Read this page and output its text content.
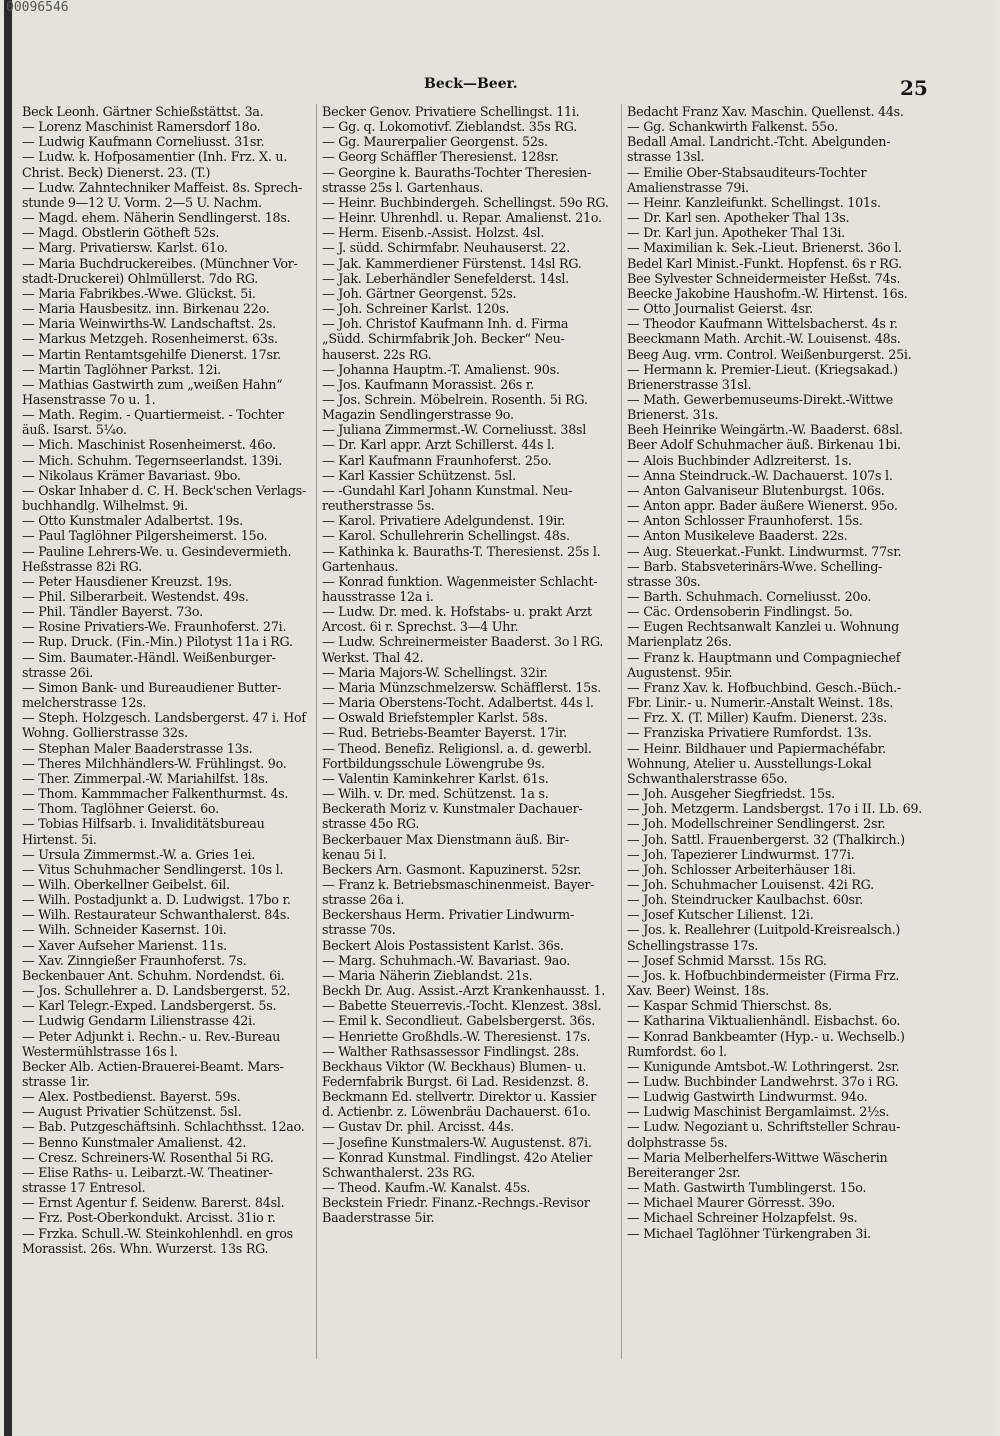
00096546
Beck—Beer.	25
Beck Leonh. Gärtner Schießstättst. 3a.
— Lorenz Maschinist Ramersdorf 18o.
— Ludwig Kaufmann Corneliusst. 31sr.
— Ludw. k. Hofposamentier (Inh. Frz. X. u.
Christ. Beck) Dienerst. 23. (T.)
— Ludw. Zahntechniker Maffeist. 8s. Sprech-
stunde 9—12 U. Vorm. 2—5 U. Nachm.
— Magd. ehem. Näherin Sendlingerst. 18s.
— Magd. Obstlerin Götheft 52s.
— Marg. Privatiersw. Karlst. 61o.
— Maria Buchdruckereibes. (Münchner Vor-
stadt-Druckerei) Ohlmüllerst. 7do RG.
— Maria Fabrikbes.-Wwe. Glückst. 5i.
— Maria Hausbesitz. inn. Birkenau 22o.
— Maria Weinwirths-W. Landschaftst. 2s.
— Markus Metzgeh. Rosenheimerst. 63s.
— Martin Rentamtsgehilfe Dienerst. 17sr.
— Martin Taglöhner Parkst. 12i.
— Mathias Gastwirth zum „weißen Hahn“
Hasenstrasse 7o u. 1.
— Math. Regim. - Quartiermeist. - Tochter
äuß. Isarst. 5¼o.
— Mich. Maschinist Rosenheimerst. 46o.
— Mich. Schuhm. Tegernseerlandst. 139i.
— Nikolaus Krämer Bavariast. 9bo.
— Oskar Inhaber d. C. H. Beck'schen Verlags-
buchhandlg. Wilhelmst. 9i.
— Otto Kunstmaler Adalbertst. 19s.
— Paul Taglöhner Pilgersheimerst. 15o.
— Pauline Lehrers-We. u. Gesindevermieth.
Heßstrasse 82i RG.
— Peter Hausdiener Kreuzst. 19s.
— Phil. Silberarbeit. Westendst. 49s.
— Phil. Tändler Bayerst. 73o.
— Rosine Privatiers-We. Fraunhoferst. 27i.
— Rup. Druck. (Fin.-Min.) Pilotyst 11a i RG.
— Sim. Baumater.-Händl. Weißenburger-
strasse 26i.
— Simon Bank- und Bureaudiener Butter-
melcherstrasse 12s.
— Steph. Holzgesch. Landsbergerst. 47 i. Hof
Wohng. Gollierstrasse 32s.
— Stephan Maler Baaderstrasse 13s.
— Theres Milchhändlers-W. Frühlingst. 9o.
— Ther. Zimmerpal.-W. Mariahilfst. 18s.
— Thom. Kammmacher Falkenthurmst. 4s.
— Thom. Taglöhner Geierst. 6o.
— Tobias Hilfsarb. i. Invaliditätsbureau
Hirtenst. 5i.
— Ursula Zimmermst.-W. a. Gries 1ei.
— Vitus Schuhmacher Sendlingerst. 10s l.
— Wilh. Oberkellner Geibelst. 6il.
— Wilh. Postadjunkt a. D. Ludwigst. 17bo r.
— Wilh. Restaurateur Schwanthalerst. 84s.
— Wilh. Schneider Kasernst. 10i.
— Xaver Aufseher Marienst. 11s.
— Xav. Zinngießer Fraunhoferst. 7s.
Beckenbauer Ant. Schuhm. Nordendst. 6i.
— Jos. Schullehrer a. D. Landsbergerst. 52.
— Karl Telegr.-Exped. Landsbergerst. 5s.
— Ludwig Gendarm Lilienstrasse 42i.
— Peter Adjunkt i. Rechn.- u. Rev.-Bureau
Westermühlstrasse 16s l.
Becker Alb. Actien-Brauerei-Beamt. Mars-
strasse 1ir.
— Alex. Postbedienst. Bayerst. 59s.
— August Privatier Schützenst. 5sl.
— Bab. Putzgeschäftsinh. Schlachthsst. 12ao.
— Benno Kunstmaler Amalienst. 42.
— Cresz. Schreiners-W. Rosenthal 5i RG.
— Elise Raths- u. Leibarzt.-W. Theatiner-
strasse 17 Entresol.
— Ernst Agentur f. Seidenw. Barerst. 84sl.
— Frz. Post-Oberkondukt. Arcisst. 31io r.
— Frzka. Schull.-W. Steinkohlenhdl. en gros
Morassist. 26s. Whn. Wurzerst. 13s RG.
Becker Genov. Privatiere Schellingst. 11i.
— Gg. q. Lokomotivf. Zieblandst. 35s RG.
— Gg. Maurerpalier Georgenst. 52s.
— Georg Schäffler Theresienst. 128sr.
— Georgine k. Bauraths-Tochter Theresien-
strasse 25s l. Gartenhaus.
— Heinr. Buchbindergeh. Schellingst. 59o RG.
— Heinr. Uhrenhdl. u. Repar. Amalienst. 21o.
— Herm. Eisenb.-Assist. Holzst. 4sl.
— J. südd. Schirmfabr. Neuhauserst. 22.
— Jak. Kammerdiener Fürstenst. 14sl RG.
— Jak. Leberhändler Senefelderst. 14sl.
— Joh. Gärtner Georgenst. 52s.
— Joh. Schreiner Karlst. 120s.
— Joh. Christof Kaufmann Inh. d. Firma
„Südd. Schirmfabrik Joh. Becker“ Neu-
hauserst. 22s RG.
— Johanna Hauptm.-T. Amalienst. 90s.
— Jos. Kaufmann Morassist. 26s r.
— Jos. Schrein. Möbelrein. Rosenth. 5i RG.
Magazin Sendlingerstrasse 9o.
— Juliana Zimmermst.-W. Corneliusst. 38sl
— Dr. Karl appr. Arzt Schillerst. 44s l.
— Karl Kaufmann Fraunhoferst. 25o.
— Karl Kassier Schützenst. 5sl.
— -Gundahl Karl Johann Kunstmal. Neu-
reutherstrasse 5s.
— Karol. Privatiere Adelgundenst. 19ir.
— Karol. Schullehrerin Schellingst. 48s.
— Kathinka k. Bauraths-T. Theresienst. 25s l.
Gartenhaus.
— Konrad funktion. Wagenmeister Schlacht-
hausstrasse 12a i.
— Ludw. Dr. med. k. Hofstabs- u. prakt Arzt
Arcost. 6i r. Sprechst. 3—4 Uhr.
— Ludw. Schreinermeister Baaderst. 3o l RG.
Werkst. Thal 42.
— Maria Majors-W. Schellingst. 32ir.
— Maria Münzschmelzersw. Schäfflerst. 15s.
— Maria Oberstens-Tocht. Adalbertst. 44s l.
— Oswald Briefstempler Karlst. 58s.
— Rud. Betriebs-Beamter Bayerst. 17ir.
— Theod. Benefiz. Religionsl. a. d. gewerbl.
Fortbildungsschule Löwengrube 9s.
— Valentin Kaminkehrer Karlst. 61s.
— Wilh. v. Dr. med. Schützenst. 1a s.
Beckerath Moriz v. Kunstmaler Dachauer-
strasse 45o RG.
Beckerbauer Max Dienstmann äuß. Bir-
kenau 5i l.
Beckers Arn. Gasmont. Kapuzinerst. 52sr.
— Franz k. Betriebsmaschinenmeist. Bayer-
strasse 26a i.
Beckershaus Herm. Privatier Lindwurm-
strasse 70s.
Beckert Alois Postassistent Karlst. 36s.
— Marg. Schuhmach.-W. Bavariast. 9ao.
— Maria Näherin Zieblandst. 21s.
Beckh Dr. Aug. Assist.-Arzt Krankenhausst. 1.
— Babette Steuerrevis.-Tocht. Klenzest. 38sl.
— Emil k. Secondlieut. Gabelsbergerst. 36s.
— Henriette Großhdls.-W. Theresienst. 17s.
— Walther Rathsassessor Findlingst. 28s.
Beckhaus Viktor (W. Beckhaus) Blumen- u.
Federnfabrik Burgst. 6i Lad. Residenzst. 8.
Beckmann Ed. stellvertr. Direktor u. Kassier
d. Actienbr. z. Löwenbräu Dachauerst. 61o.
— Gustav Dr. phil. Arcisst. 44s.
— Josefine Kunstmalers-W. Augustenst. 87i.
— Konrad Kunstmal. Findlingst. 42o Atelier
Schwanthalerst. 23s RG.
— Theod. Kaufm.-W. Kanalst. 45s.
Beckstein Friedr. Finanz.-Rechngs.-Revisor
Baaderstrasse 5ir.
Bedacht Franz Xav. Maschin. Quellenst. 44s.
— Gg. Schankwirth Falkenst. 55o.
Bedall Amal. Landricht.-Tcht. Abelgunden-
strasse 13sl.
— Emilie Ober-Stabsauditeurs-Tochter
Amalienstrasse 79i.
— Heinr. Kanzleifunkt. Schellingst. 101s.
— Dr. Karl sen. Apotheker Thal 13s.
— Dr. Karl jun. Apotheker Thal 13i.
— Maximilian k. Sek.-Lieut. Brienerst. 36o l.
Bedel Karl Minist.-Funkt. Hopfenst. 6s r RG.
Bee Sylvester Schneidermeister Heßst. 74s.
Beecke Jakobine Haushofm.-W. Hirtenst. 16s.
— Otto Journalist Geierst. 4sr.
— Theodor Kaufmann Wittelsbacherst. 4s r.
Beeckmann Math. Archit.-W. Louisenst. 48s.
Beeg Aug. vrm. Control. Weißenburgerst. 25i.
— Hermann k. Premier-Lieut. (Kriegsakad.)
Brienerstrasse 31sl.
— Math. Gewerbemuseums-Direkt.-Wittwe
Brienerst. 31s.
Beeh Heinrike Weingärtn.-W. Baaderst. 68sl.
Beer Adolf Schuhmacher äuß. Birkenau 1bi.
— Alois Buchbinder Adlzreiterst. 1s.
— Anna Steindruck.-W. Dachauerst. 107s l.
— Anton Galvaniseur Blutenburgst. 106s.
— Anton appr. Bader äußere Wienerst. 95o.
— Anton Schlosser Fraunhoferst. 15s.
— Anton Musikeleve Baaderst. 22s.
— Aug. Steuerkat.-Funkt. Lindwurmst. 77sr.
— Barb. Stabsveterinärs-Wwe. Schelling-
strasse 30s.
— Barth. Schuhmach. Corneliusst. 20o.
— Cäc. Ordensoberin Findlingst. 5o.
— Eugen Rechtsanwalt Kanzlei u. Wohnung
Marienplatz 26s.
— Franz k. Hauptmann und Compagniechef
Augustenst. 95ir.
— Franz Xav. k. Hofbuchbind. Gesch.-Büch.-
Fbr. Linir.- u. Numerir.-Anstalt Weinst. 18s.
— Frz. X. (T. Miller) Kaufm. Dienerst. 23s.
— Franziska Privatiere Rumfordst. 13s.
— Heinr. Bildhauer und Papiermachéfabr.
Wohnung, Atelier u. Ausstellungs-Lokal
Schwanthalerstrasse 65o.
— Joh. Ausgeher Siegfriedst. 15s.
— Joh. Metzgerm. Landsbergst. 17o i II. Lb. 69.
— Joh. Modellschreiner Sendlingerst. 2sr.
— Joh. Sattl. Frauenbergerst. 32 (Thalkirch.)
— Joh. Tapezierer Lindwurmst. 177i.
— Joh. Schlosser Arbeiterhäuser 18i.
— Joh. Schuhmacher Louisenst. 42i RG.
— Joh. Steindrucker Kaulbachst. 60sr.
— Josef Kutscher Lilienst. 12i.
— Jos. k. Reallehrer (Luitpold-Kreisrealsch.)
Schellingstrasse 17s.
— Josef Schmid Marsst. 15s RG.
— Jos. k. Hofbuchbindermeister (Firma Frz.
Xav. Beer) Weinst. 18s.
— Kaspar Schmid Thierschst. 8s.
— Katharina Viktualienhändl. Eisbachst. 6o.
— Konrad Bankbeamter (Hyp.- u. Wechselb.)
Rumfordst. 6o l.
— Kunigunde Amtsbot.-W. Lothringerst. 2sr.
— Ludw. Buchbinder Landwehrst. 37o i RG.
— Ludwig Gastwirth Lindwurmst. 94o.
— Ludwig Maschinist Bergamlaimst. 2½s.
— Ludw. Negoziant u. Schriftsteller Schrau-
dolphstrasse 5s.
— Maria Melberhelfers-Wittwe Wäscherin
Bereiteranger 2sr.
— Math. Gastwirth Tumblingerst. 15o.
— Michael Maurer Görresst. 39o.
— Michael Schreiner Holzapfelst. 9s.
— Michael Taglöhner Türkengraben 3i.
